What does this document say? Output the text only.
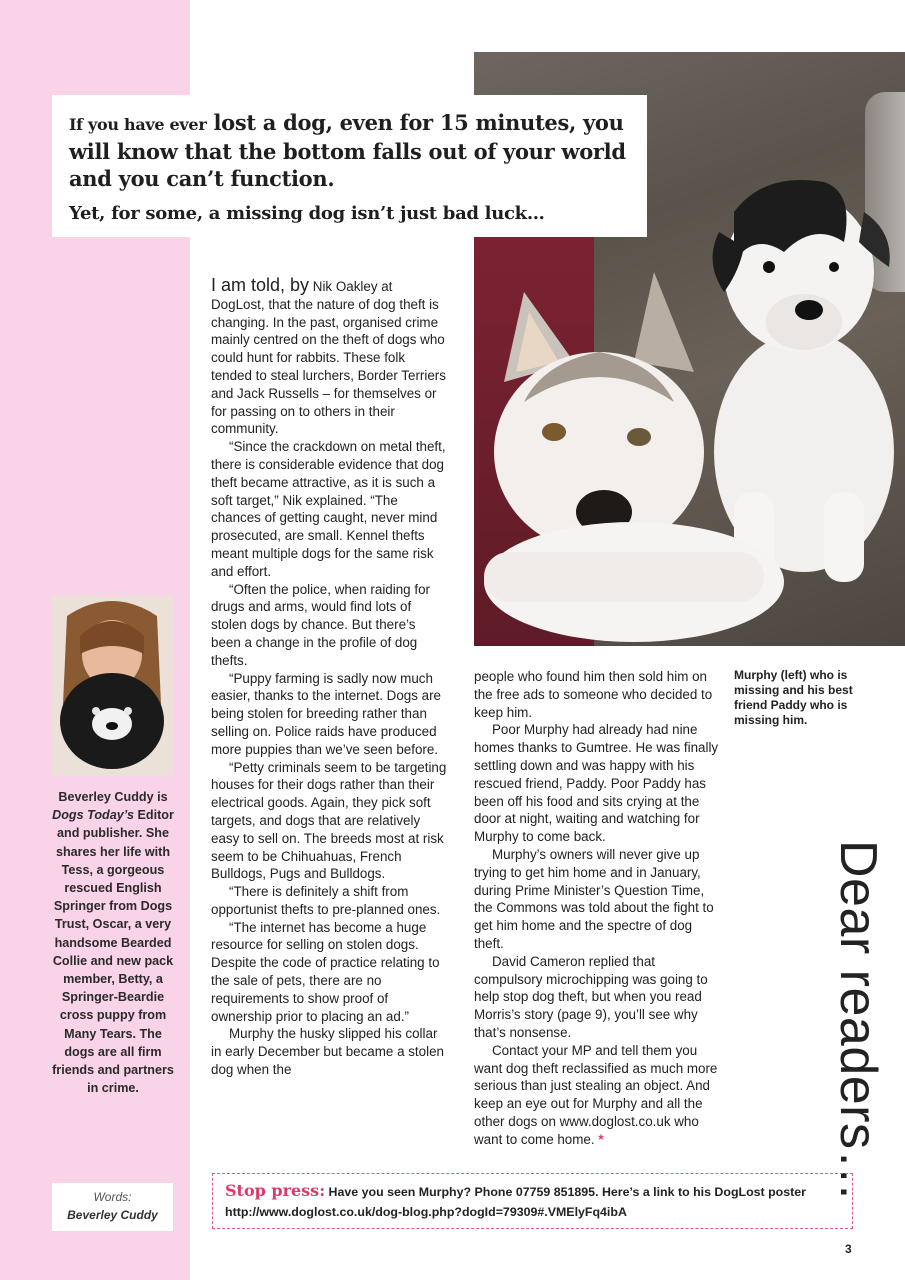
If you have ever lost a dog, even for 15 minutes, you will know that the bottom falls out of your world and you can’t function.

Yet, for some, a missing dog isn’t just bad luck…

I am told, by Nik Oakley at DogLost, that the nature of dog theft is changing. In the past, organised crime mainly centred on the theft of dogs who could hunt for rabbits. These folk tended to steal lurchers, Border Terriers and Jack Russells – for themselves or for passing on to others in their community.

“Since the crackdown on metal theft, there is considerable evidence that dog theft became attractive, as it is such a soft target,” Nik explained. “The chances of getting caught, never mind prosecuted, are small. Kennel thefts meant multiple dogs for the same risk and effort.

“Often the police, when raiding for drugs and arms, would find lots of stolen dogs by chance. But there’s been a change in the profile of dog thefts.

“Puppy farming is sadly now much easier, thanks to the internet. Dogs are being stolen for breeding rather than selling on. Police raids have produced more puppies than we’ve seen before.

“Petty criminals seem to be targeting houses for their dogs rather than their electrical goods. Again, they pick soft targets, and dogs that are relatively easy to sell on. The breeds most at risk seem to be Chihuahuas, French Bulldogs, Pugs and Bulldogs.

“There is definitely a shift from opportunist thefts to pre-planned ones.

“The internet has become a huge resource for selling on stolen dogs. Despite the code of practice relating to the sale of pets, there are no requirements to show proof of ownership prior to placing an ad.”

Murphy the husky slipped his collar in early December but became a stolen dog when the

people who found him then sold him on the free ads to someone who decided to keep him.

Poor Murphy had already had nine homes thanks to Gumtree. He was finally settling down and was happy with his rescued friend, Paddy. Poor Paddy has been off his food and sits crying at the door at night, waiting and watching for Murphy to come back.

Murphy’s owners will never give up trying to get him home and in January, during Prime Minister’s Question Time, the Commons was told about the fight to get him home and the spectre of dog theft.

David Cameron replied that compulsory microchipping was going to help stop dog theft, but when you read Morris’s story (page 9), you’ll see why that’s nonsense.

Contact your MP and tell them you want dog theft reclassified as much more serious than just stealing an object. And keep an eye out for Murphy and all the other dogs on www.doglost.co.uk who want to come home. *

Murphy (left) who is missing and his best friend Paddy who is missing him.
Dear readers…
Beverley Cuddy is Dogs Today’s Editor and publisher. She shares her life with Tess, a gorgeous rescued English Springer from Dogs Trust, Oscar, a very handsome Bearded Collie and new pack member, Betty, a Springer-Beardie cross puppy from Many Tears. The dogs are all firm friends and partners in crime.
Words:
Beverley Cuddy
Stop press: Have you seen Murphy? Phone 07759 851895. Here’s a link to his DogLost poster http://www.doglost.co.uk/dog-blog.php?dogId=79309#.VMElyFq4ibA
3
